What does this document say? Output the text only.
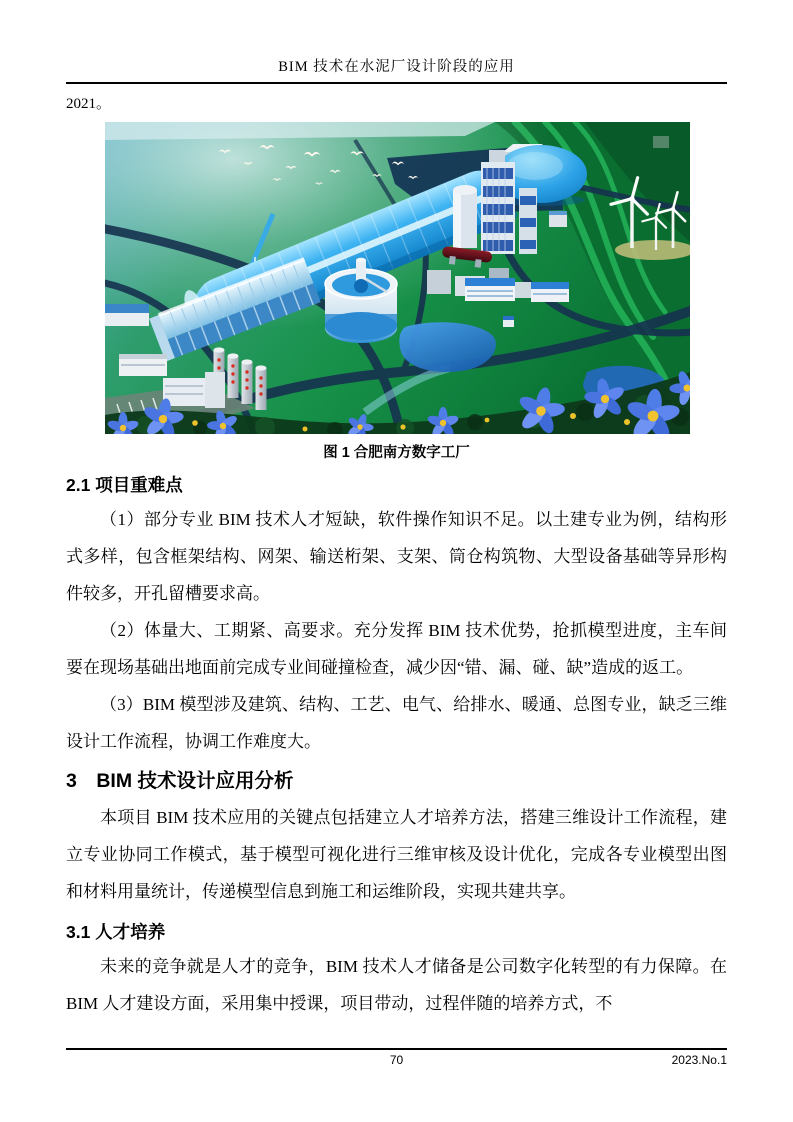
BIM 技术在水泥厂设计阶段的应用

2021。

图 1 合肥南方数字工厂
2.1 项目重难点

（1）部分专业 BIM 技术人才短缺，软件操作知识不足。以土建专业为例，结构形式多样，包含框架结构、网架、输送桁架、支架、筒仓构筑物、大型设备基础等异形构件较多，开孔留槽要求高。

（2）体量大、工期紧、高要求。充分发挥 BIM 技术优势，抢抓模型进度，主车间要在现场基础出地面前完成专业间碰撞检查，减少因“错、漏、碰、缺”造成的返工。

（3）BIM 模型涉及建筑、结构、工艺、电气、给排水、暖通、总图专业，缺乏三维设计工作流程，协调工作难度大。

3　BIM 技术设计应用分析

本项目 BIM 技术应用的关键点包括建立人才培养方法，搭建三维设计工作流程，建立专业协同工作模式，基于模型可视化进行三维审核及设计优化，完成各专业模型出图和材料用量统计，传递模型信息到施工和运维阶段，实现共建共享。

3.1 人才培养

未来的竞争就是人才的竞争，BIM 技术人才储备是公司数字化转型的有力保障。在 BIM 人才建设方面，采用集中授课，项目带动，过程伴随的培养方式，不

70	2023.No.1
